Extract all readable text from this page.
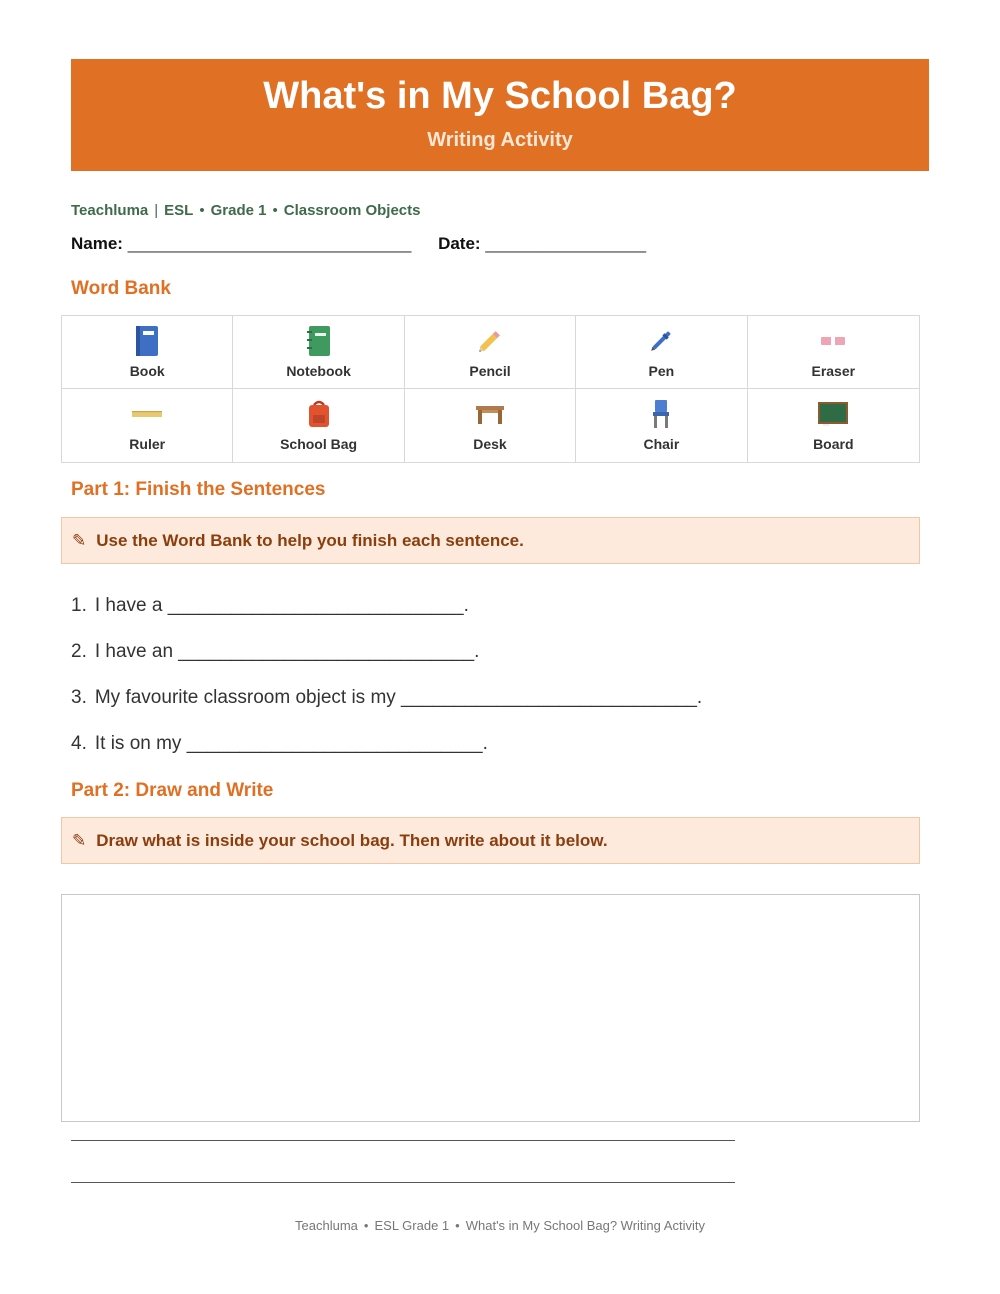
What's in My School Bag?
Writing Activity
Teachluma | ESL • Grade 1 • Classroom Objects
Name: ______________________________ Date: _________________
Word Bank
Book	Notebook	Pencil	Pen	Eraser
Ruler	School Bag	Desk	Chair	Board
Part 1: Finish the Sentences
✎ Use the Word Bank to help you finish each sentence.
1. I have a ____________________________.
2. I have an ____________________________.
3. My favourite classroom object is my ____________________________.
4. It is on my ____________________________.
Part 2: Draw and Write
✎ Draw what is inside your school bag. Then write about it below.
Teachluma • ESL Grade 1 • What's in My School Bag? Writing Activity
